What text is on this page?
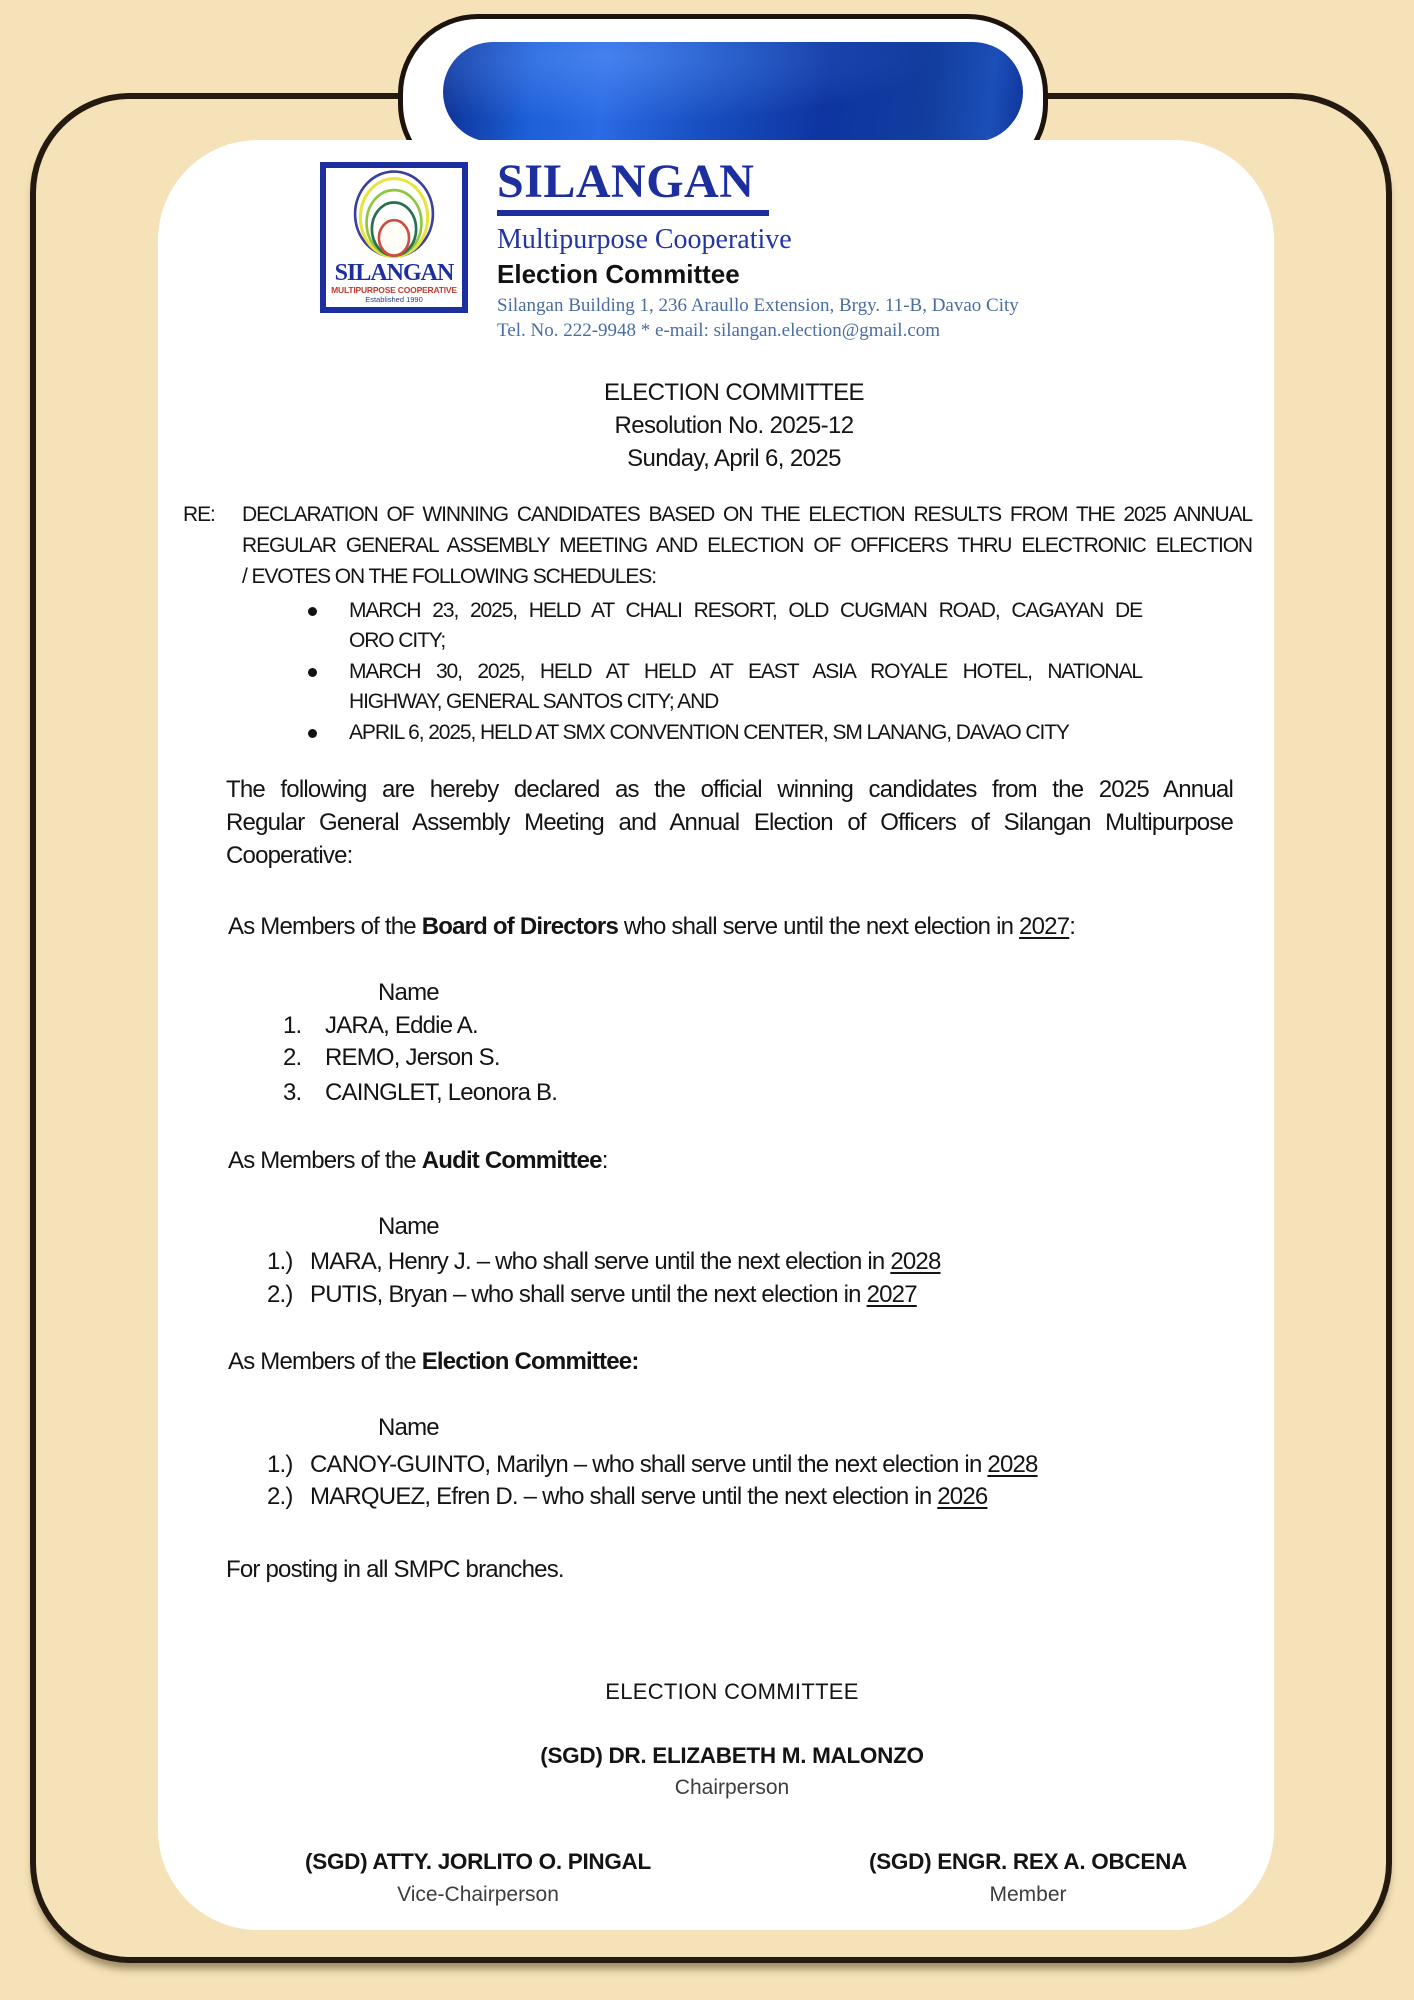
SILANGAN
MULTIPURPOSE COOPERATIVE
Established 1990
SILANGAN
Multipurpose Cooperative
Election Committee
Silangan Building 1, 236 Araullo Extension, Brgy. 11-B, Davao City
Tel. No. 222-9948 * e-mail: silangan.election@gmail.com
ELECTION COMMITTEE
Resolution No. 2025-12
Sunday, April 6, 2025
RE: DECLARATION OF WINNING CANDIDATES BASED ON THE ELECTION RESULTS FROM THE 2025 ANNUAL
REGULAR GENERAL ASSEMBLY MEETING AND ELECTION OF OFFICERS THRU ELECTRONIC ELECTION
/ EVOTES ON THE FOLLOWING SCHEDULES:
MARCH 23, 2025, HELD AT CHALI RESORT, OLD CUGMAN ROAD, CAGAYAN DE
ORO CITY;
MARCH 30, 2025, HELD AT HELD AT EAST ASIA ROYALE HOTEL, NATIONAL
HIGHWAY, GENERAL SANTOS CITY; AND
APRIL 6, 2025, HELD AT SMX CONVENTION CENTER, SM LANANG, DAVAO CITY
The following are hereby declared as the official winning candidates from the 2025 Annual
Regular General Assembly Meeting and Annual Election of Officers of Silangan Multipurpose
Cooperative:
As Members of the Board of Directors who shall serve until the next election in 2027:
Name
1. JARA, Eddie A.
2. REMO, Jerson S.
3. CAINGLET, Leonora B.
As Members of the Audit Committee:
Name
1.) MARA, Henry J. – who shall serve until the next election in 2028
2.) PUTIS, Bryan – who shall serve until the next election in 2027
As Members of the Election Committee:
Name
1.) CANOY-GUINTO, Marilyn – who shall serve until the next election in 2028
2.) MARQUEZ, Efren D. – who shall serve until the next election in 2026
For posting in all SMPC branches.
ELECTION COMMITTEE
(SGD) DR. ELIZABETH M. MALONZO
Chairperson
(SGD) ATTY. JORLITO O. PINGAL
Vice-Chairperson
(SGD) ENGR. REX A. OBCENA
Member
